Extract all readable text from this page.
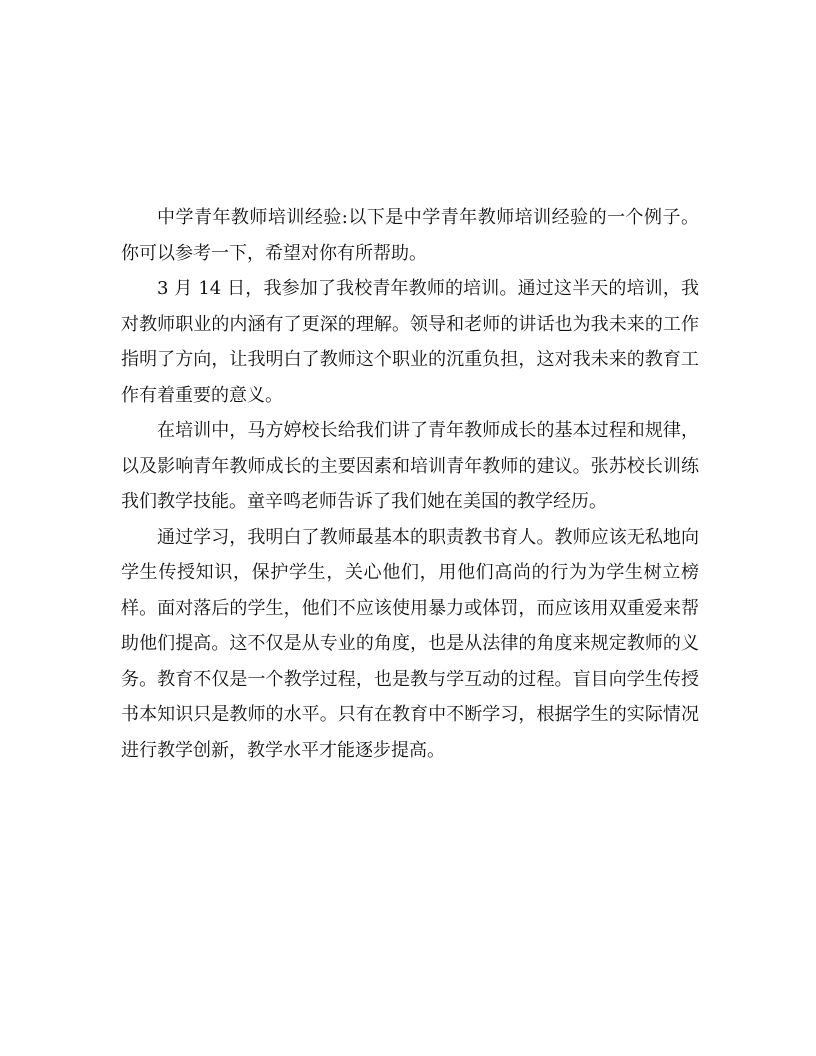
中学青年教师培训经验:以下是中学青年教师培训经验的一个例子。你可以参考一下，希望对你有所帮助。

3 月 14 日，我参加了我校青年教师的培训。通过这半天的培训，我对教师职业的内涵有了更深的理解。领导和老师的讲话也为我未来的工作指明了方向，让我明白了教师这个职业的沉重负担，这对我未来的教育工作有着重要的意义。

在培训中，马方婷校长给我们讲了青年教师成长的基本过程和规律，以及影响青年教师成长的主要因素和培训青年教师的建议。张苏校长训练我们教学技能。童辛鸣老师告诉了我们她在美国的教学经历。

通过学习，我明白了教师最基本的职责教书育人。教师应该无私地向学生传授知识，保护学生，关心他们，用他们高尚的行为为学生树立榜样。面对落后的学生，他们不应该使用暴力或体罚，而应该用双重爱来帮助他们提高。这不仅是从专业的角度，也是从法律的角度来规定教师的义务。教育不仅是一个教学过程，也是教与学互动的过程。盲目向学生传授书本知识只是教师的水平。只有在教育中不断学习，根据学生的实际情况进行教学创新，教学水平才能逐步提高。
